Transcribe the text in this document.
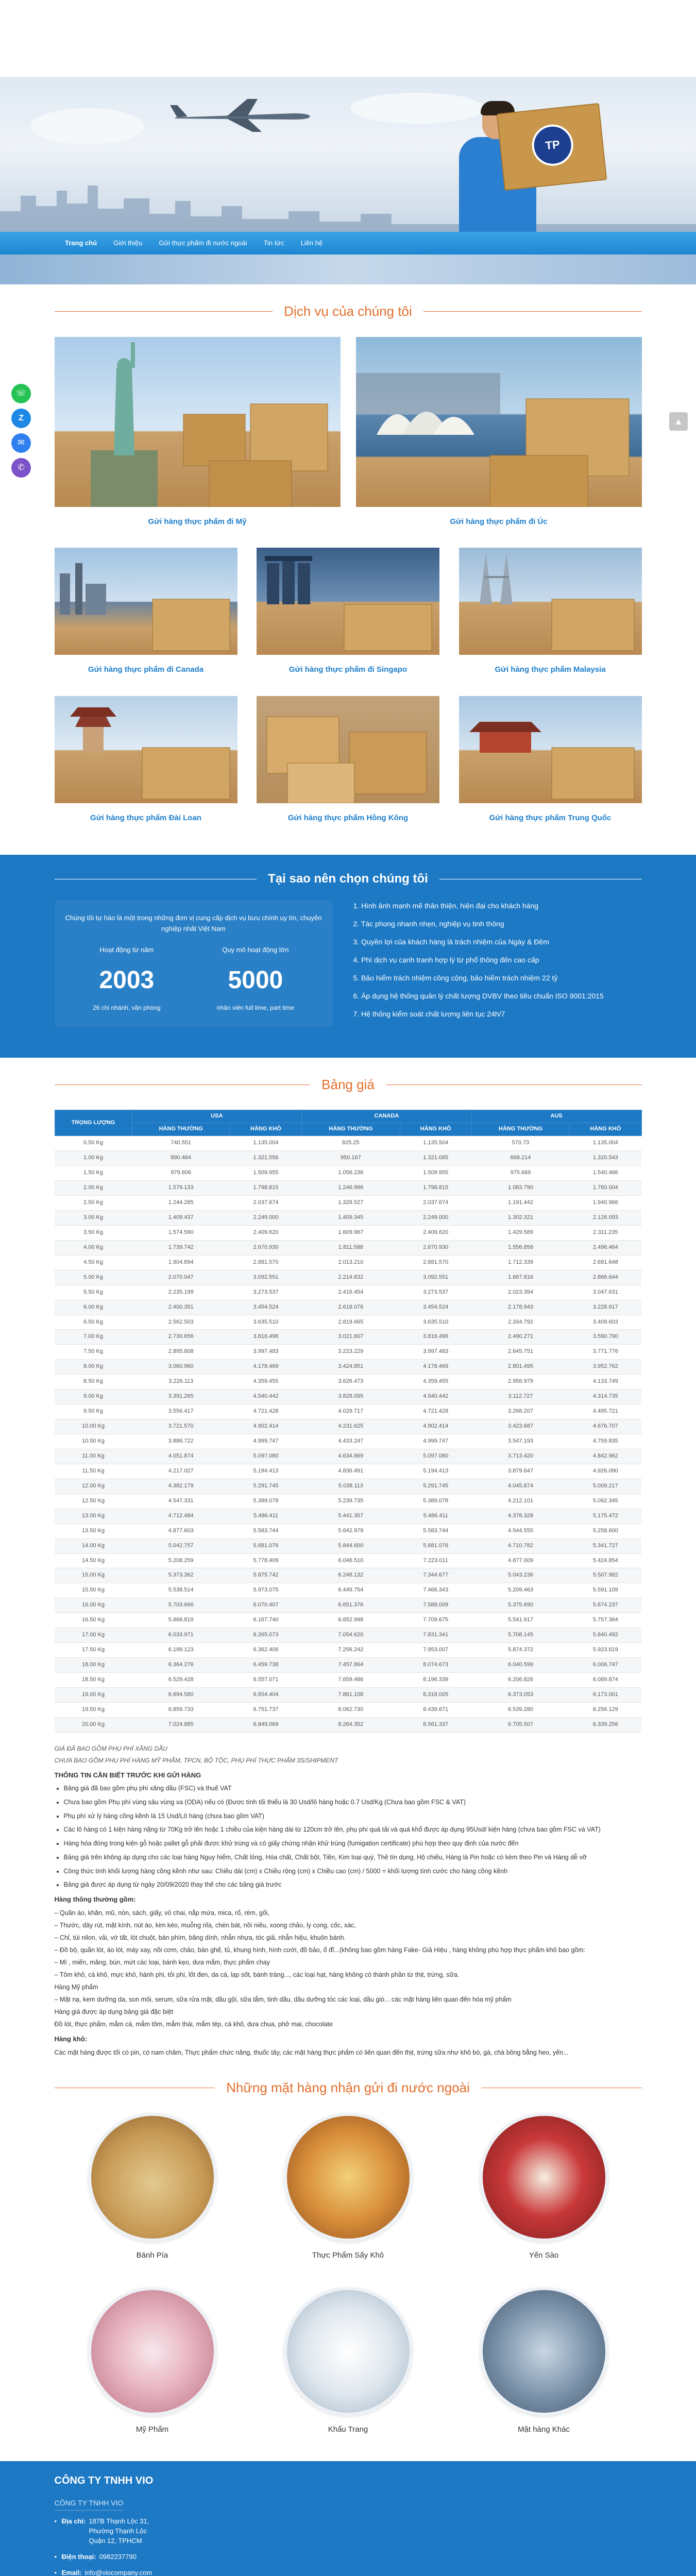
TP
Trang chủ	Giới thiệu	Gửi thực phẩm đi nước ngoài	Tin tức	Liên hệ
☏
Z
✉
✆
▲
Dịch vụ của chúng tôi
Gửi hàng thực phẩm đi Mỹ	Gửi hàng thực phẩm đi Úc
Gửi hàng thực phẩm đi Canada	Gửi hàng thực phẩm đi Singapo	Gửi hàng thực phẩm Malaysia
Gửi hàng thực phẩm Đài Loan	Gửi hàng thực phẩm Hồng Kông	Gửi hàng thực phẩm Trung Quốc
Tại sao nên chọn chúng tôi

Chúng tôi tự hào là một trong những đơn vị cung cấp dịch vụ bưu chính uy tín, chuyên nghiệp nhất Việt Nam

Hoạt động từ năm
2003
26 chi nhánh, văn phòng
Quy mô hoạt động lớn
5000
nhân viên full time, part time
1. Hình ảnh mạnh mẽ thân thiện, hiện đại cho khách hàng
2. Tác phong nhanh nhẹn, nghiệp vụ tinh thông
3. Quyền lợi của khách hàng là trách nhiệm của Ngày & Đêm
4. Phí dịch vụ cạnh tranh hợp lý từ phổ thông đến cao cấp
5. Bảo hiểm trách nhiệm công cộng, bảo hiểm trách nhiệm 22 tỷ
6. Áp dụng hệ thống quản lý chất lượng DVBV theo tiêu chuẩn ISO 9001:2015
7. Hệ thống kiểm soát chất lượng liên tục 24h/7
Bảng giá
TRỌNG LƯỢNG	USA		CANADA		AUS	
	HÀNG THƯỜNG	HÀNG KHÔ	HÀNG THƯỜNG	HÀNG KHÔ	HÀNG THƯỜNG	HÀNG KHÔ
0.50 Kg	740.551	1.135.004	825.25	1.135.504	570.73	1.135.004
1.00 Kg	890.464	1.321.556	950.167	1.321.085	668.214	1.320.543
1.50 Kg	979.606	1.509.955	1.056.236	1.509.955	975.669	1.540.466
2.00 Kg	1.579.133	1.798.815	1.246.996	1.798.815	1.083.790	1.760.004
2.50 Kg	1.244.285	2.037.674	1.328.527	2.037.674	1.191.442	1.940.966
3.00 Kg	1.409.437	2.249.000	1.409.345	2.249.000	1.302.321	2.126.093
3.50 Kg	1.574.590	2.409.620	1.609.967	2.409.620	1.429.589	2.311.235
4.00 Kg	1.739.742	2.670.930	1.811.588	2.670.930	1.556.858	2.496.464
4.50 Kg	1.904.894	2.881.570	2.013.210	2.881.570	1.712.339	2.681.648
5.00 Kg	2.070.047	3.092.551	2.214.832	3.092.551	1.867.816	2.866.644
5.50 Kg	2.235.199	3.273.537	2.416.454	3.273.537	2.023.394	3.047.631
6.00 Kg	2.400.351	3.454.524	2.618.076	3.454.524	2.178.943	3.228.617
6.50 Kg	2.562.503	3.635.510	2.819.665	3.635.510	2.334.792	3.409.603
7.00 Kg	2.730.656	3.816.496	3.021.607	3.816.496	2.490.271	3.590.790
7.50 Kg	2.895.808	3.997.483	3.223.229	3.997.483	2.645.751	3.771.776
8.00 Kg	3.060.960	4.178.469	3.424.851	4.178.469	2.801.495	3.952.762
8.50 Kg	3.226.113	4.359.455	3.626.473	4.359.455	2.956.979	4.133.749
9.00 Kg	3.391.265	4.540.442	3.828.095	4.540.442	3.112.727	4.314.735
9.50 Kg	3.556.417	4.721.428	4.029.717	4.721.428	3.268.207	4.495.721
10.00 Kg	3.721.570	4.902.414	4.231.625	4.902.414	3.423.687	4.676.707
10.50 Kg	3.886.722	4.999.747	4.433.247	4.999.747	3.547.193	4.759.835
11.00 Kg	4.051.874	5.097.080	4.634.869	5.097.080	3.713.420	4.842.962
11.50 Kg	4.217.027	5.194.413	4.836.491	5.194.413	3.879.647	4.926.090
12.00 Kg	4.382.179	5.291.745	5.038.113	5.291.745	4.045.874	5.009.217
12.50 Kg	4.547.331	5.389.078	5.239.735	5.389.078	4.212.101	5.092.345
13.00 Kg	4.712.484	5.486.411	5.441.357	5.486.411	4.378.328	5.175.472
13.50 Kg	4.877.603	5.583.744	5.642.979	5.583.744	4.544.555	5.258.600
14.00 Kg	5.042.757	5.681.076	5.844.600	5.681.076	4.710.782	5.341.727
14.50 Kg	5.208.259	5.778.409	6.046.510	7.223.011	4.877.009	5.424.854
15.00 Kg	5.373.362	5.875.742	6.248.132	7.344.677	5.043.236	5.507.982
15.50 Kg	5.538.514	5.973.075	6.449.754	7.466.343	5.209.463	5.591.109
16.00 Kg	5.703.666	6.070.407	6.651.376	7.588.009	5.375.690	5.674.237
16.50 Kg	5.868.819	6.167.740	6.852.998	7.709.675	5.541.917	5.757.364
17.00 Kg	6.033.971	6.265.073	7.054.620	7.831.341	5.708.145	5.840.492
17.50 Kg	6.199.123	6.362.406	7.256.242	7.953.007	5.874.372	5.923.619
18.00 Kg	6.364.276	6.459.738	7.457.864	8.074.673	6.040.599	6.006.747
18.50 Kg	6.529.428	6.557.071	7.659.486	8.196.339	6.206.826	6.089.874
19.00 Kg	6.694.580	6.654.404	7.861.108	8.318.005	6.373.053	6.173.001
19.50 Kg	6.859.733	6.751.737	8.062.730	8.439.671	6.539.280	6.256.129
20.00 Kg	7.024.885	6.849.069	8.264.352	8.561.337	6.705.507	6.339.256

GIÁ ĐÃ BAO GỒM PHỤ PHÍ XĂNG DẦU

CHƯA BAO GỒM PHỤ PHÍ HÀNG MỸ PHẨM, TPCN, BỘ TỘC, PHỤ PHÍ THỰC PHẨM 3S/SHIPMENT

THÔNG TIN CẦN BIẾT TRƯỚC KHI GỬI HÀNG
• Bảng giá đã bao gồm phụ phí xăng dầu (FSC) và thuế VAT
• Chưa bao gồm Phụ phí vùng sâu vùng xa (ODA) nếu có (Được tính tối thiểu là 30 Usd/lô hàng hoặc 0.7 Usd/Kg (Chưa bao gồm FSC & VAT)
• Phụ phí xử lý hàng cồng kềnh là 15 Usd/Lô hàng (chưa bao gồm VAT)
• Các lô hàng có 1 kiện hàng nặng từ 70Kg trở lên hoặc 1 chiều của kiện hàng dài từ 120cm trở lên, phụ phí quá tải và quá khổ được áp dụng 95Usd/ kiện hàng (chưa bao gồm FSC và VAT)
• Hàng hóa đóng trong kiện gỗ hoặc pallet gỗ phải được khử trùng và có giấy chứng nhận khử trùng (fumigation certificate) phù hợp theo quy định của nước đến
• Bảng giá trên không áp dụng cho các loại hàng Nguy hiểm, Chất lỏng, Hóa chất, Chất bột, Tiền, Kim loại quý, Thẻ tín dụng, Hộ chiếu, Hàng là Pin hoặc có kèm theo Pin và Hàng dễ vỡ
• Công thức tính khối lượng hàng cồng kềnh như sau: Chiều dài (cm) x Chiều rộng (cm) x Chiều cao (cm) / 5000 = khối lượng tính cước cho hàng cồng kềnh
• Bảng giá được áp dụng từ ngày 20/09/2020 thay thế cho các bảng giá trước
Hàng thông thường gồm:

– Quần áo, khăn, mũ, nón, sách, giấy, vỏ chai, nắp mứa, mica, rổ, rèm, gối,

– Thước, dây rút, mặt kính, nút áo, kim kéo, muỗng nĩa, chén bát, nồi niêu, xoong chảo, ly cọng, cốc, xác,

– Chỉ, túi nilon, vải, vớ tất, lót chuột, bàn phím, băng dính, nhẫn nhựa, tóc giả, nhẫn hiệu, khuôn bánh.

– Đồ bộ, quần lót, áo lót, máy xay, nồi cơm, chảo, bàn ghế, tủ, khung hình, hình cưới, đồ bảo, ổ đĩ...(không bao gồm hàng Fake- Giả Hiệu , hàng không phù hợp thực phẩm khô bao gồm:

– Mì , miến, măng, bún, mứt các loại, bánh kẹo, dưa mắm, thực phẩm chay

– Tôm khô, cá khô, mực khô, hành phi, tỏi phi, lốt đen, da cá, lạp sốt, bánh tráng..., các loại hạt, hàng không có thành phần từ thịt, trứng, sữa.

Hàng Mỹ phẩm

– Mặt nạ, kem dưỡng da, son môi, serum, sữa rửa mặt, dầu gội, sữa tắm, tinh dầu, dầu dưỡng tóc các loại, dầu gió... các mặt hàng liên quan đến hóa mỹ phẩm

Hàng giá được áp dụng bảng giá đặc biệt

Đồ lót, thực phẩm, mắm cá, mắm tôm, mắm thái, mắm tép, cá khô, dưa chua, phở mai, chocolate

Hàng khô:

Các mặt hàng được tối có pin, có nam châm, Thực phẩm chức năng, thuốc tây, các mặt hàng thực phẩm có liên quan đến thịt, trứng sữa như khô bò, gà, chà bông bằng heo, yến...

Những mặt hàng nhận gửi đi nước ngoài
Bánh Pía	Thực Phẩm Sấy Khô	Yến Sào
Mỹ Phẩm	Khẩu Trang	Mặt hàng Khác
CÔNG TY TNHH VIO
CÔNG TY TNHH VIO
• Địa chỉ: 187B Thạnh Lộc 31, Phường Thạnh Lộc Quận 12, TPHCM
• Điện thoại: 0982237790
• Email: info@viocompany.com
